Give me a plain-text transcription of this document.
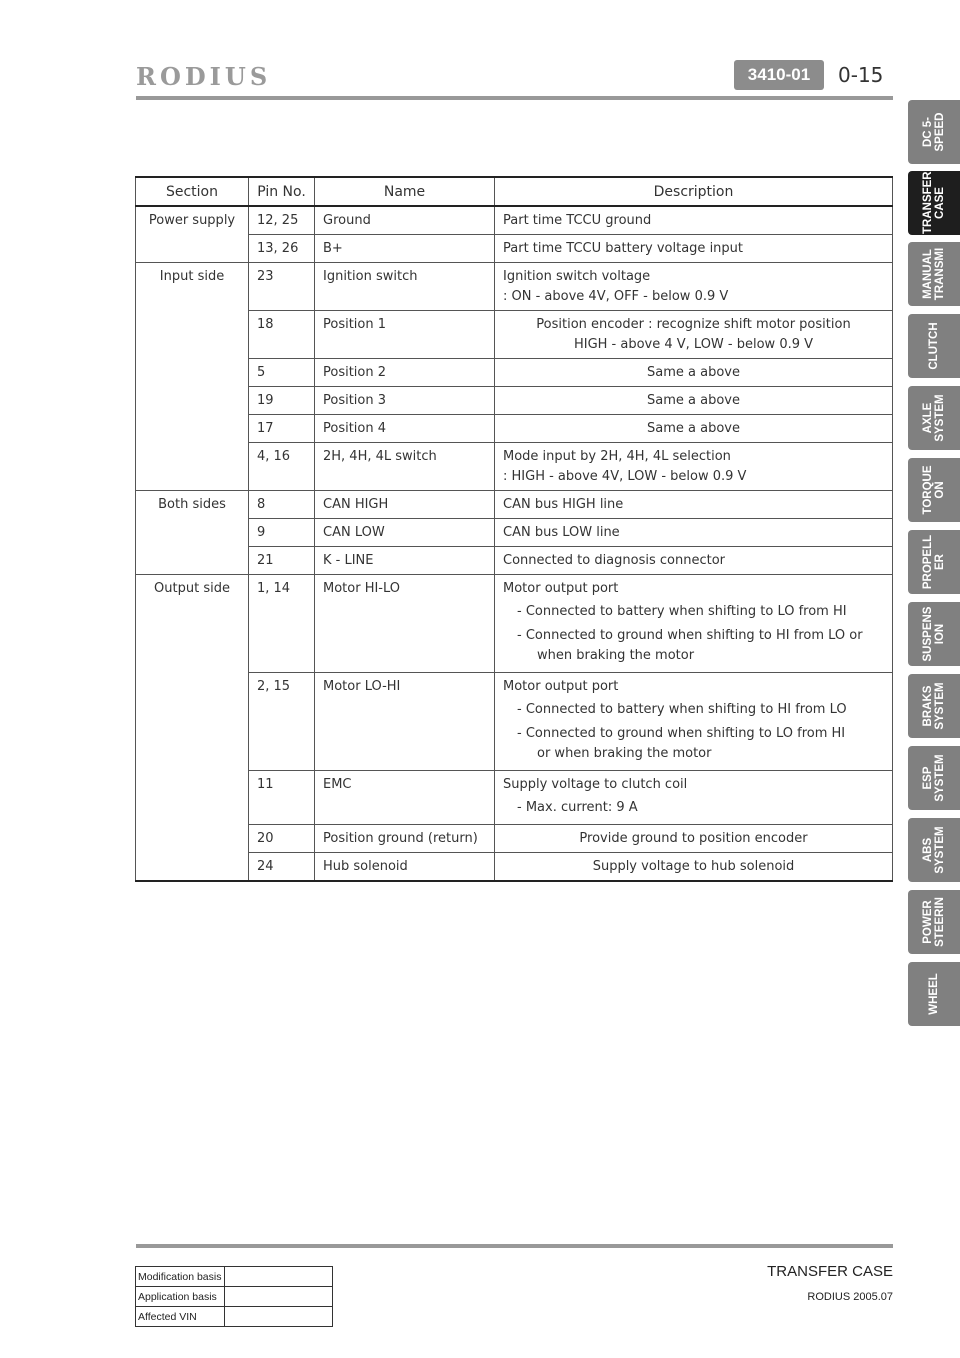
RODIUS	3410-01	0-15
DC 5-SPEED
TRANSFER CASE
MANUAL TRANSMI
CLUTCH
AXLE SYSTEM
TORQUE ON
PROPELL ER
SUSPENS ION
BRAKS SYSTEM
ESP SYSTEM
ABS SYSTEM
POWER STEERIN
WHEEL
Section	Pin No.	Name	Description
Power supply	12, 25	Ground	Part time TCCU ground

	13, 26	B+	Part time TCCU battery voltage input

Input side	23	Ignition switch	Ignition switch voltage
: ON - above 4V, OFF - below 0.9 V

	18	Position 1	Position encoder : recognize shift motor position
HIGH - above 4 V, LOW - below 0.9 V

	5	Position 2	Same a above

	19	Position 3	Same a above

	17	Position 4	Same a above

	4, 16	2H, 4H, 4L switch	Mode input by 2H, 4H, 4L selection
: HIGH - above 4V, LOW - below 0.9 V

Both sides	8	CAN HIGH	CAN bus HIGH line

	9	CAN LOW	CAN bus LOW line

	21	K - LINE	Connected to diagnosis connector

Output side	1, 14	Motor HI-LO	Motor output port
- Connected to battery when shifting to LO from HI
- Connected to ground when shifting to HI from LO or
when braking the motor

	2, 15	Motor LO-HI	Motor output port
- Connected to battery when shifting to HI from LO
- Connected to ground when shifting to LO from HI
or when braking the motor

	11	EMC	Supply voltage to clutch coil
- Max. current: 9 A

	20	Position ground (return)	Provide ground to position encoder

	24	Hub solenoid	Supply voltage to hub solenoid
Modification basis	
Application basis	
Affected VIN	
TRANSFER CASE
RODIUS 2005.07
